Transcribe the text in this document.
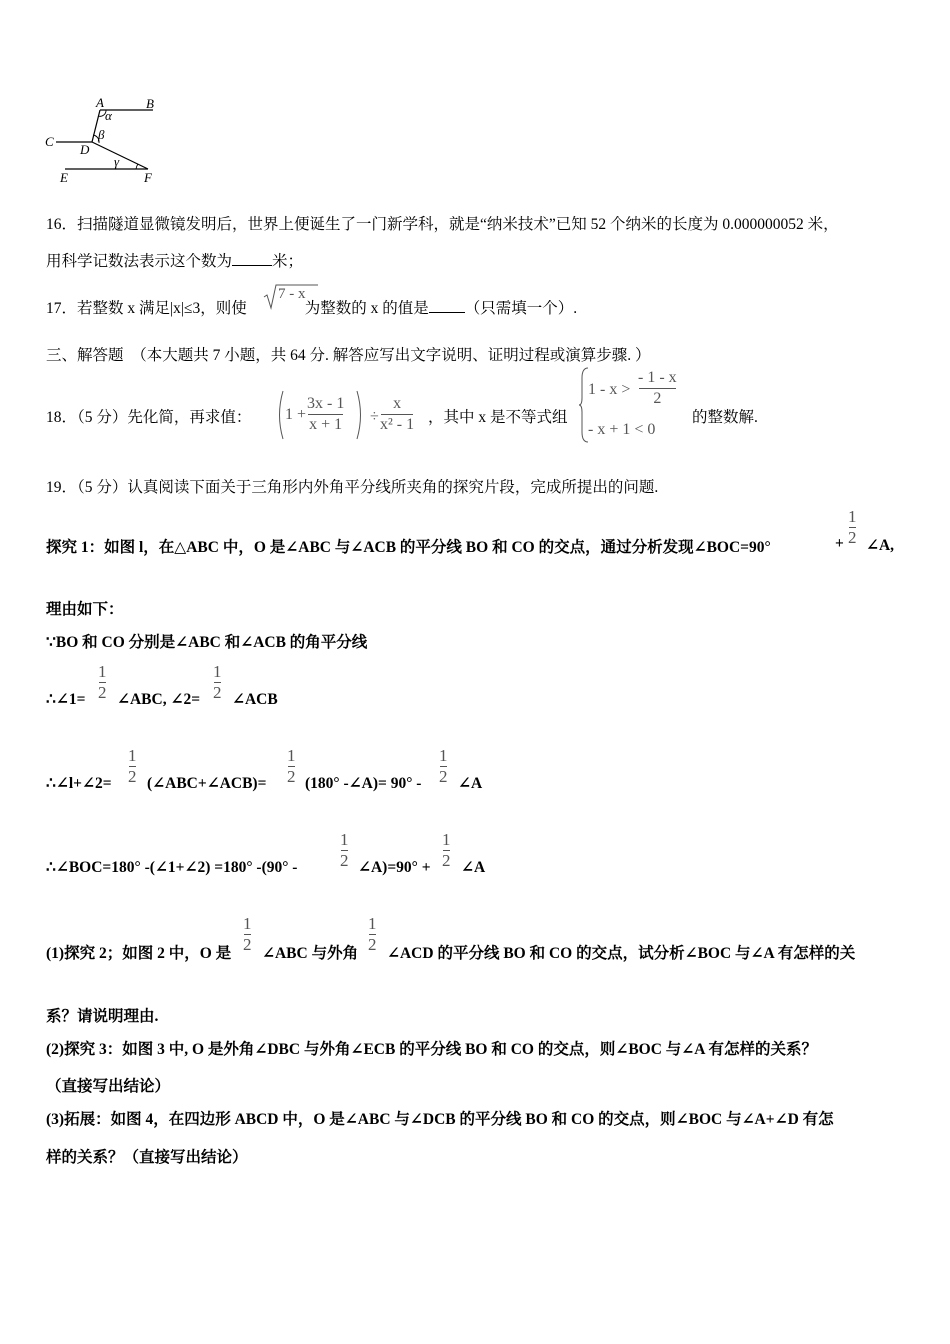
A	B
C
D
E	F
α
β
γ
16．扫描隧道显微镜发明后，世界上便诞生了一门新学科，就是“纳米技术”已知 52 个纳米的长度为 0.000000052 米，
用科学记数法表示这个数为	米；
17．若整数 x 满足|x|≤3，则使	为整数的 x 的值是 （只需填一个）.
7 - x
三、解答题 （本大题共 7 小题，共 64 分. 解答应写出文字说明、证明过程或演算步骤. ）
18．（5 分）先化简，再求值： 1 +
3x - 1
x + 1 ÷
x
x² - 1 ，其中 x 是不等式组
1 - x >
- 1 - x
2
- x + 1 < 0
的整数解.
19．（5 分）认真阅读下面关于三角形内外角平分线所夹角的探究片段，完成所提出的问题.
探究 1：如图 l，在△ABC 中，O 是∠ABC 与∠ACB 的平分线 BO 和 CO 的交点，通过分析发现∠BOC=90°	+
1
2 ∠A,
理由如下：
∵BO 和 CO 分别是∠ABC 和∠ACB 的角平分线
∴∠1=
1
2 ∠ABC, ∠2=
1
2 ∠ACB
∴∠l+∠2=
1
2 (∠ABC+∠ACB)=
1
2 (180° -∠A)= 90° -
1
2 ∠A
∴∠BOC=180° -(∠1+∠2) =180° -(90° -
1
2 ∠A)=90° +
1
2 ∠A
(1)探究 2；如图 2 中，O 是
1
2 ∠ABC 与外角
1
2 ∠ACD 的平分线 BO 和 CO 的交点，试分析∠BOC 与∠A 有怎样的关
系？请说明理由.
(2)探究 3：如图 3 中, O 是外角∠DBC 与外角∠ECB 的平分线 BO 和 CO 的交点，则∠BOC 与∠A 有怎样的关系？
（直接写出结论）
(3)拓展：如图 4，在四边形 ABCD 中，O 是∠ABC 与∠DCB 的平分线 BO 和 CO 的交点，则∠BOC 与∠A+∠D 有怎
样的关系？（直接写出结论）
